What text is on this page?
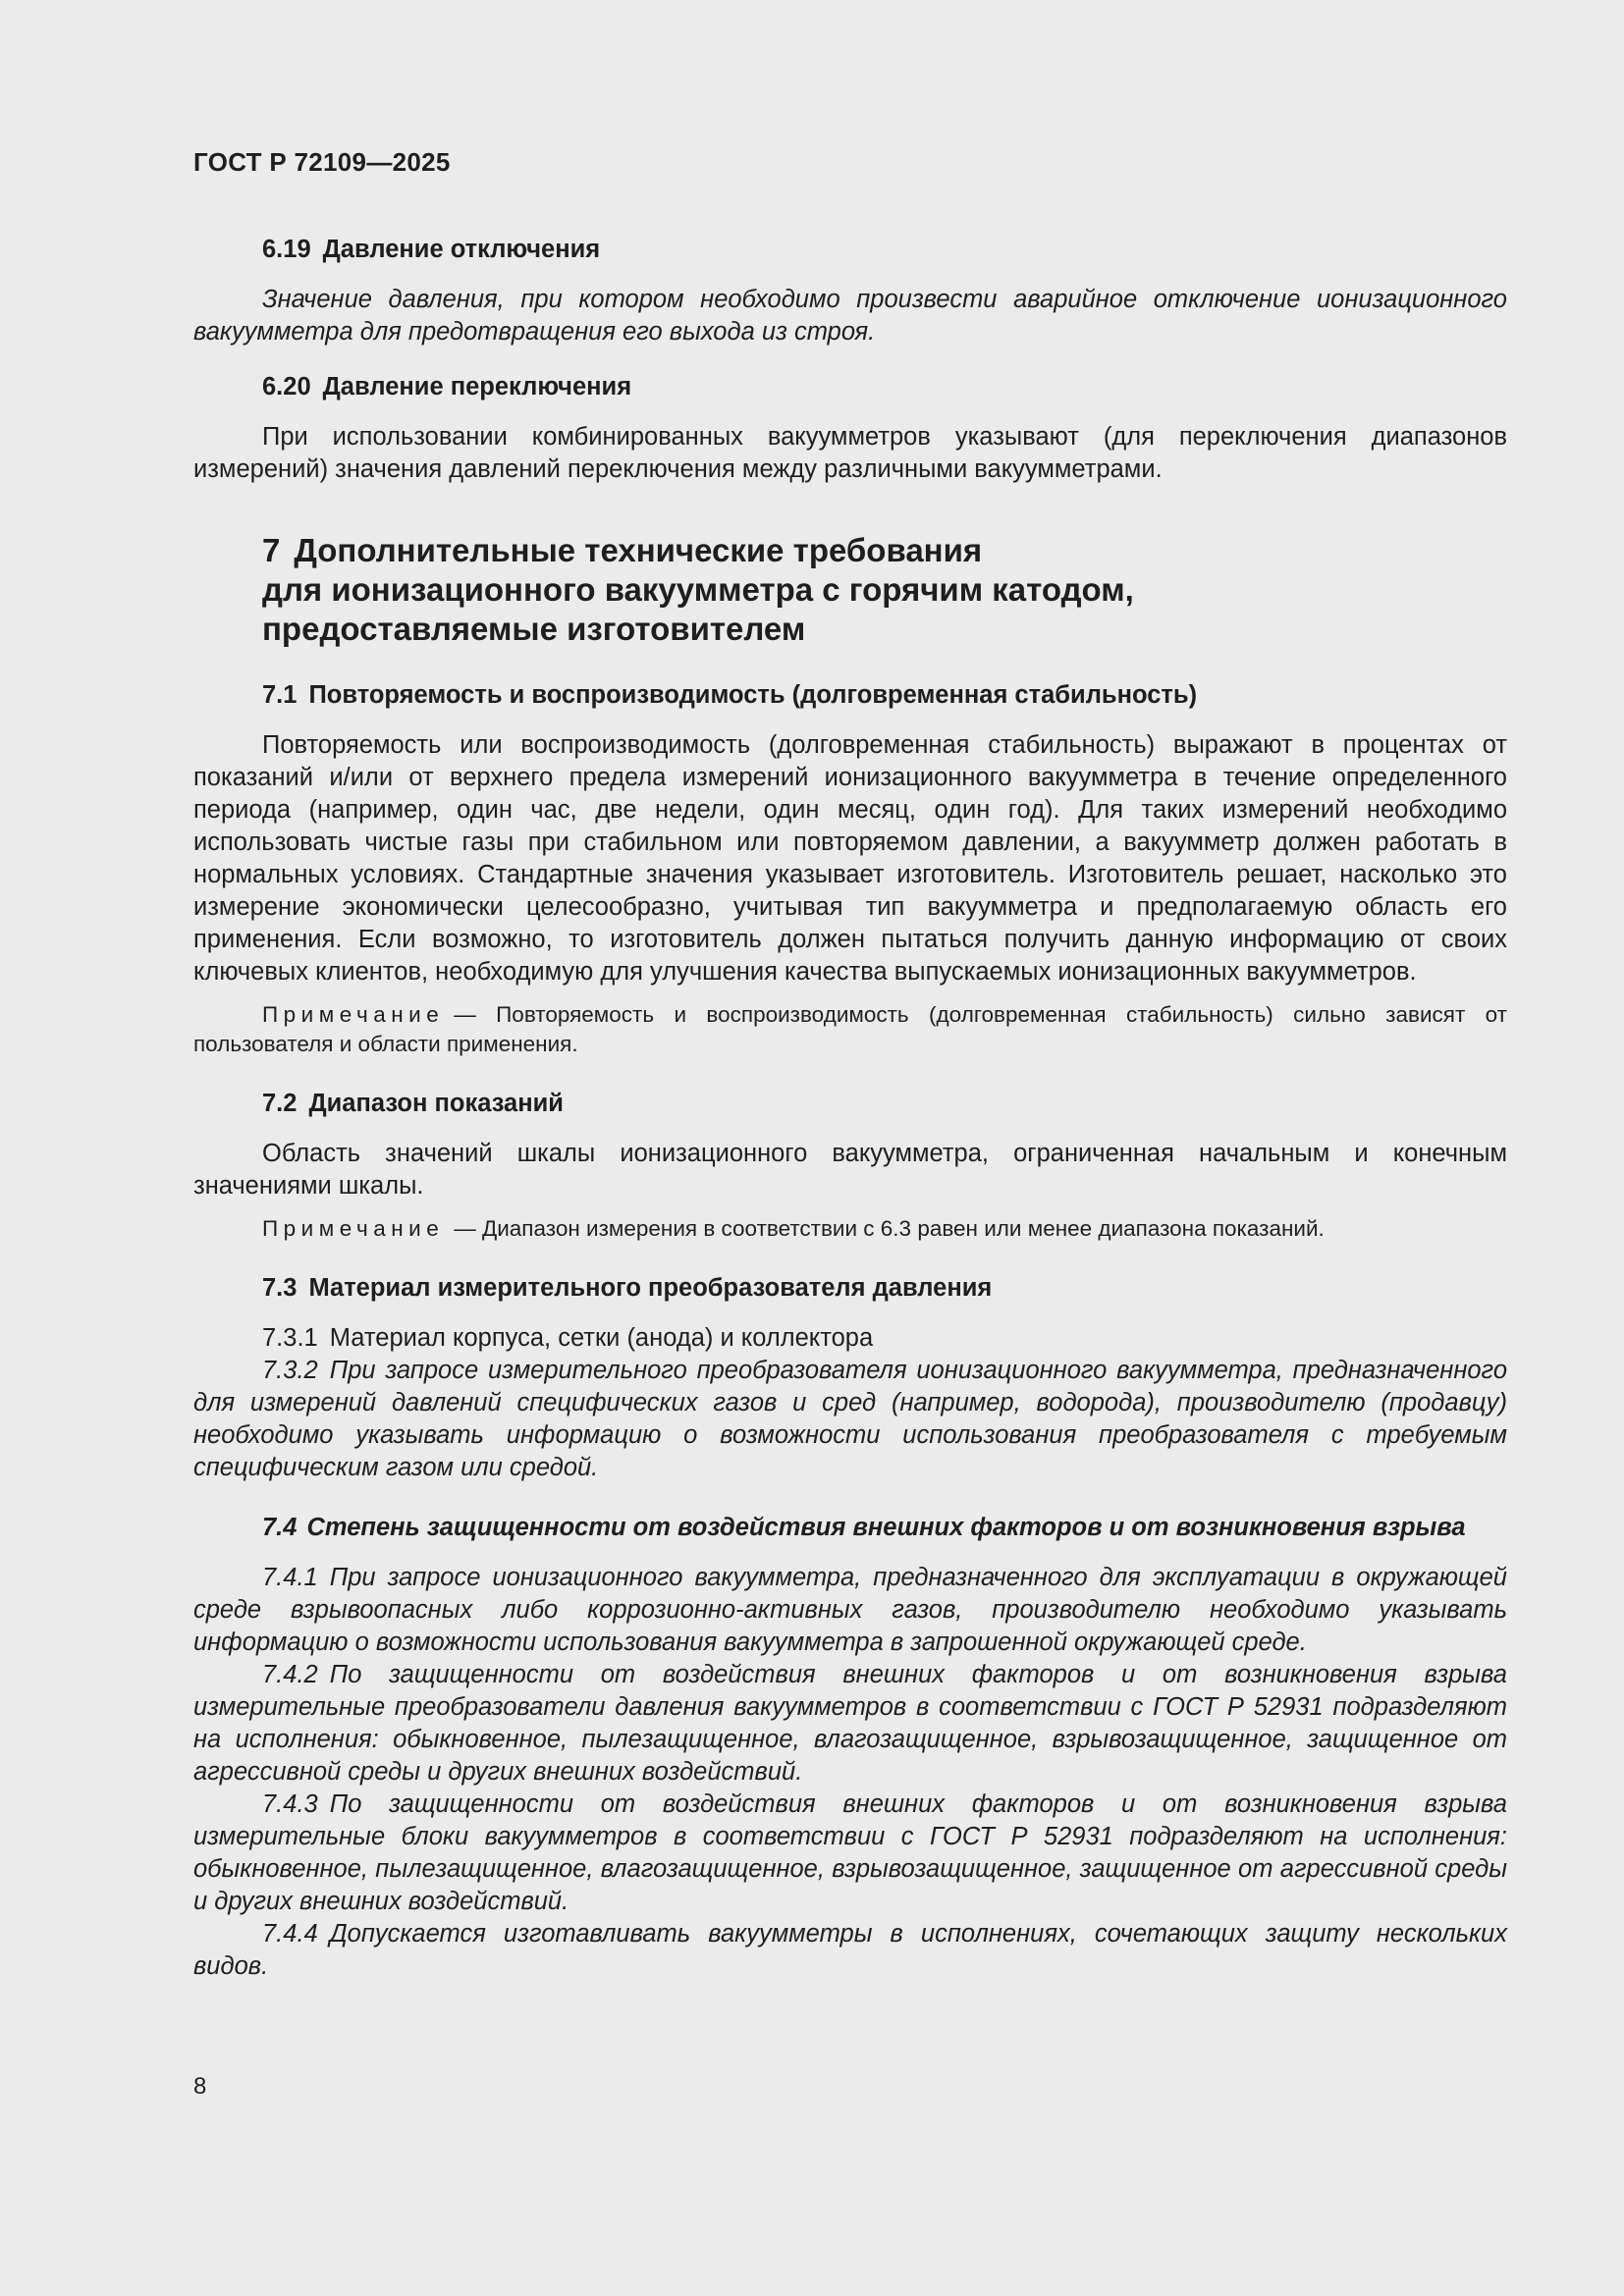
ГОСТ Р 72109—2025
6.19 Давление отключения

Значение давления, при котором необходимо произвести аварийное отключение ионизационного вакуумметра для предотвращения его выхода из строя.

6.20 Давление переключения

При использовании комбинированных вакуумметров указывают (для переключения диапазонов измерений) значения давлений переключения между различными вакуумметрами.

7 Дополнительные технические требования
для ионизационного вакуумметра с горячим катодом,
предоставляемые изготовителем
7.1 Повторяемость и воспроизводимость (долговременная стабильность)

Повторяемость или воспроизводимость (долговременная стабильность) выражают в процентах от показаний и/или от верхнего предела измерений ионизационного вакуумметра в течение определенного периода (например, один час, две недели, один месяц, один год). Для таких измерений необходимо использовать чистые газы при стабильном или повторяемом давлении, а вакуумметр должен работать в нормальных условиях. Стандартные значения указывает изготовитель. Изготовитель решает, насколько это измерение экономически целесообразно, учитывая тип вакуумметра и предполагаемую область его применения. Если возможно, то изготовитель должен пытаться получить данную информацию от своих ключевых клиентов, необходимую для улучшения качества выпускаемых ионизационных вакуумметров.

Примечание — Повторяемость и воспроизводимость (долговременная стабильность) сильно зависят от пользователя и области применения.

7.2 Диапазон показаний

Область значений шкалы ионизационного вакуумметра, ограниченная начальным и конечным значениями шкалы.

Примечание — Диапазон измерения в соответствии с 6.3 равен или менее диапазона показаний.

7.3 Материал измерительного преобразователя давления

7.3.1 Материал корпуса, сетки (анода) и коллектора

7.3.2 При запросе измерительного преобразователя ионизационного вакуумметра, предназначенного для измерений давлений специфических газов и сред (например, водорода), производителю (продавцу) необходимо указывать информацию о возможности использования преобразователя с требуемым специфическим газом или средой.

7.4 Степень защищенности от воздействия внешних факторов и от возникновения взрыва

7.4.1 При запросе ионизационного вакуумметра, предназначенного для эксплуатации в окружающей среде взрывоопасных либо коррозионно-активных газов, производителю необходимо указывать информацию о возможности использования вакуумметра в запрошенной окружающей среде.

7.4.2 По защищенности от воздействия внешних факторов и от возникновения взрыва измерительные преобразователи давления вакуумметров в соответствии с ГОСТ Р 52931 подразделяют на исполнения: обыкновенное, пылезащищенное, влагозащищенное, взрывозащищенное, защищенное от агрессивной среды и других внешних воздействий.

7.4.3 По защищенности от воздействия внешних факторов и от возникновения взрыва измерительные блоки вакуумметров в соответствии с ГОСТ Р 52931 подразделяют на исполнения: обыкновенное, пылезащищенное, влагозащищенное, взрывозащищенное, защищенное от агрессивной среды и других внешних воздействий.

7.4.4 Допускается изготавливать вакуумметры в исполнениях, сочетающих защиту нескольких видов.

8
